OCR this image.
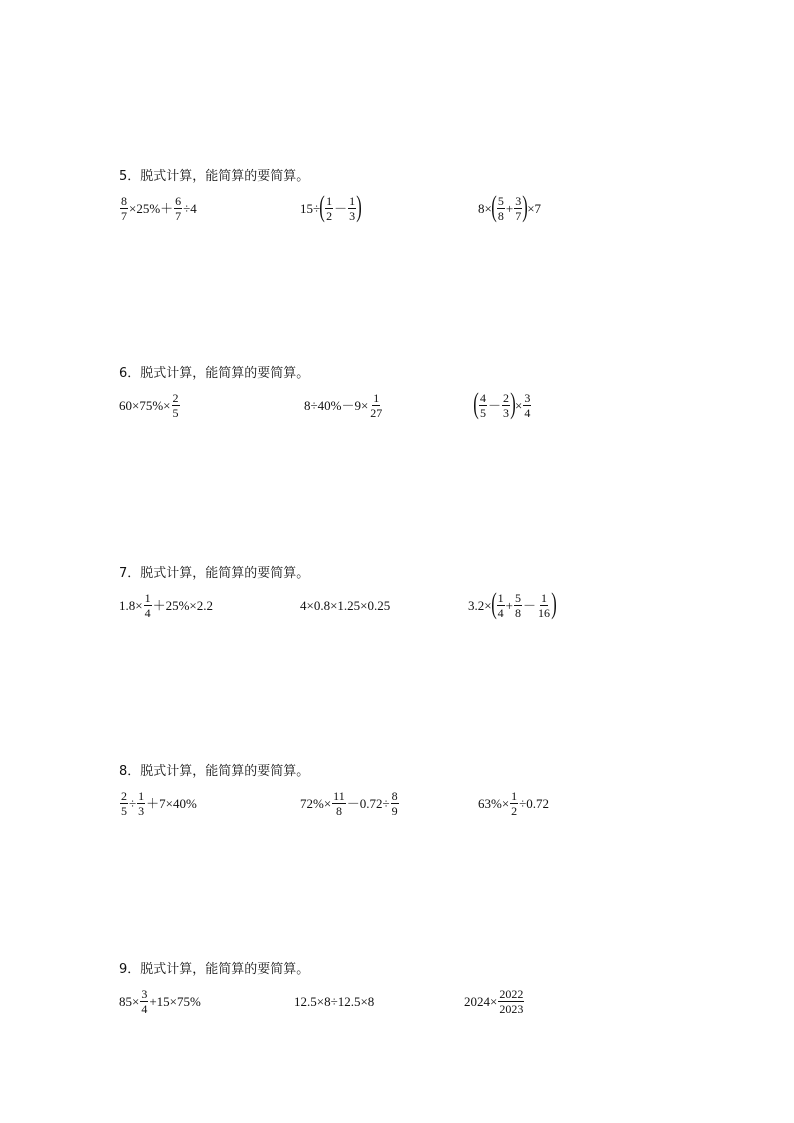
5．脱式计算，能简算的要简算。
$\frac{8}{7} \times 25\%+ \frac{6}{7} \div 4$	15÷ ( $\frac{1}{2} - \frac{1}{3}$ )	8× ( $\frac{5}{8} + \frac{3}{7}$ ) ×7
6．脱式计算，能简算的要简算。
$60\times 75\%\times \frac{2}{5}$	$8\div 40\%-9\times \frac{1}{27}$	( $\frac{4}{5} - \frac{2}{3}$ ) × $\frac{3}{4}$
7．脱式计算，能简算的要简算。
$1.8\times \frac{1}{4} +25\%\times 2.2$	4×0.8×1.25×0.25	3.2× ( $\frac{1}{4} + \frac{5}{8} - \frac{1}{16}$ )
8．脱式计算，能简算的要简算。
$\frac{2}{5} \div \frac{1}{3} +7\times 40\%$	$72\%\times \frac{11}{8} -0.72\div \frac{8}{9}$	$63\%\times \frac{1}{2} \div 0.72$
9．脱式计算，能简算的要简算。
$85\times \frac{3}{4} +15\times 75\%$	12.5×8÷12.5×8	$2024\times \frac{2022}{2023}$
